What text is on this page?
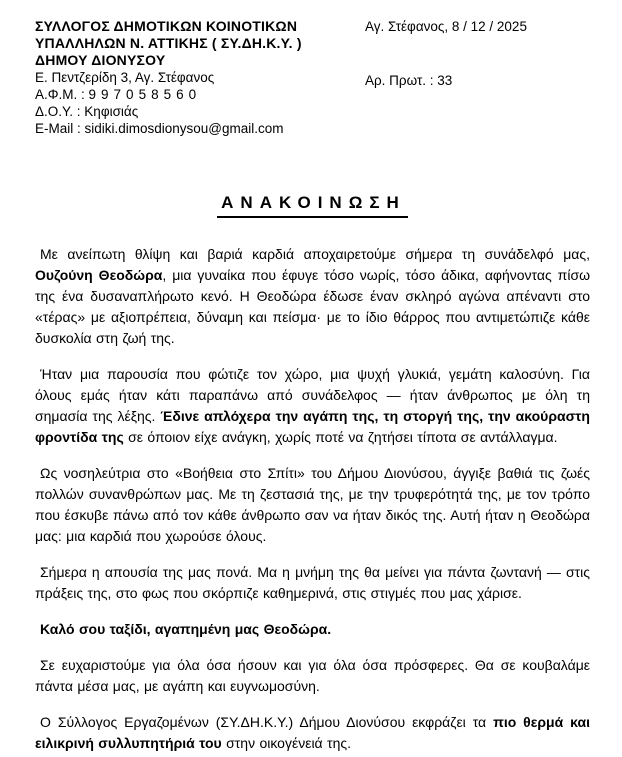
ΣΥΛΛΟΓΟΣ ΔΗΜΟΤΙΚΩΝ ΚΟΙΝΟΤΙΚΩΝ
ΥΠΑΛΛΗΛΩΝ Ν. ΑΤΤΙΚΗΣ ( ΣΥ.ΔΗ.Κ.Υ. )
ΔΗΜΟΥ ΔΙΟΝΥΣΟΥ
Ε. Πεντζερίδη 3, Αγ. Στέφανος
Α.Φ.Μ. : 997058560
Δ.Ο.Υ. : Κηφισιάς
E-Mail : sidiki.dimosdionysou@gmail.com
Αγ. Στέφανος, 8 / 12 / 2025
Αρ. Πρωτ. : 33
ΑΝΑΚΟΙΝΩΣΗ

Με ανείπωτη θλίψη και βαριά καρδιά αποχαιρετούμε σήμερα τη συνάδελφό μας, Ουζούνη Θεοδώρα, μια γυναίκα που έφυγε τόσο νωρίς, τόσο άδικα, αφήνοντας πίσω της ένα δυσαναπλήρωτο κενό. Η Θεοδώρα έδωσε έναν σκληρό αγώνα απέναντι στο «τέρας» με αξιοπρέπεια, δύναμη και πείσμα· με το ίδιο θάρρος που αντιμετώπιζε κάθε δυσκολία στη ζωή της.

Ήταν μια παρουσία που φώτιζε τον χώρο, μια ψυχή γλυκιά, γεμάτη καλοσύνη. Για όλους εμάς ήταν κάτι παραπάνω από συνάδελφος — ήταν άνθρωπος με όλη τη σημασία της λέξης. Έδινε απλόχερα την αγάπη της, τη στοργή της, την ακούραστη φροντίδα της σε όποιον είχε ανάγκη, χωρίς ποτέ να ζητήσει τίποτα σε αντάλλαγμα.

Ως νοσηλεύτρια στο «Βοήθεια στο Σπίτι» του Δήμου Διονύσου, άγγιξε βαθιά τις ζωές πολλών συνανθρώπων μας. Με τη ζεστασιά της, με την τρυφερότητά της, με τον τρόπο που έσκυβε πάνω από τον κάθε άνθρωπο σαν να ήταν δικός της. Αυτή ήταν η Θεοδώρα μας: μια καρδιά που χωρούσε όλους.

Σήμερα η απουσία της μας πονά. Μα η μνήμη της θα μείνει για πάντα ζωντανή — στις πράξεις της, στο φως που σκόρπιζε καθημερινά, στις στιγμές που μας χάρισε.

Καλό σου ταξίδι, αγαπημένη μας Θεοδώρα.

Σε ευχαριστούμε για όλα όσα ήσουν και για όλα όσα πρόσφερες. Θα σε κουβαλάμε πάντα μέσα μας, με αγάπη και ευγνωμοσύνη.

Ο Σύλλογος Εργαζομένων (ΣΥ.ΔΗ.Κ.Υ.) Δήμου Διονύσου εκφράζει τα πιο θερμά και ειλικρινή συλλυπητήριά του στην οικογένειά της.
